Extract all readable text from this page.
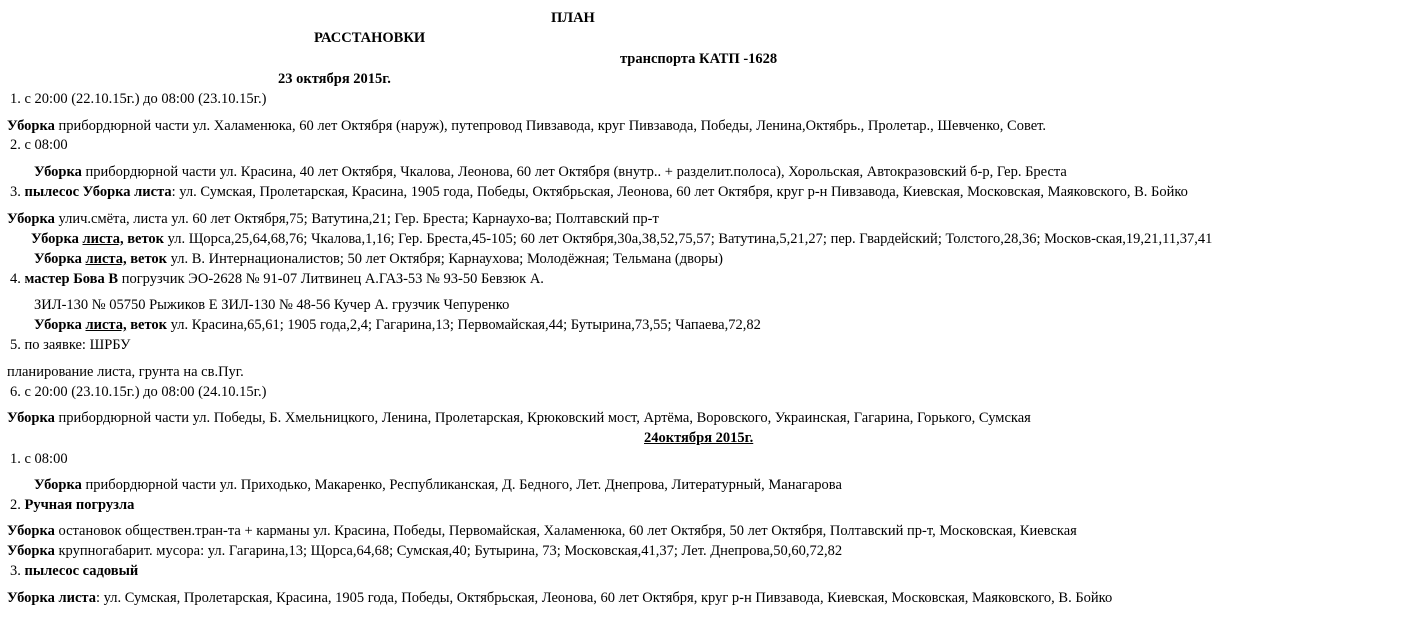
ПЛАН
РАССТАНОВКИ
транспорта КАТП -1628
23 октября 2015г.
1. с 20:00 (22.10.15г.) до 08:00 (23.10.15г.)
Уборка прибордюрной части ул. Халаменюка, 60 лет Октября (наруж), путепровод Пивзавода, круг Пивзавода, Победы, Ленина,Октябрь., Пролетар., Шевченко, Совет.
2. с 08:00
Уборка прибордюрной части ул. Красина, 40 лет Октября, Чкалова, Леонова, 60 лет Октября (внутр.. + разделит.полоса), Хорольская, Автокразовский б-р, Гер. Бреста
3. пылесос Уборка листа: ул. Сумская, Пролетарская, Красина, 1905 года, Победы, Октябрьская, Леонова, 60 лет Октября, круг р-н Пивзавода, Киевская, Московская, Маяковского, В. Бойко
Уборка улич.смёта, листа ул. 60 лет Октября,75; Ватутина,21; Гер. Бреста; Карнаухо-ва; Полтавский пр-т
Уборка листа, веток ул. Щорса,25,64,68,76; Чкалова,1,16; Гер. Бреста,45-105; 60 лет Октября,30а,38,52,75,57; Ватутина,5,21,27; пер. Гвардейский; Толстого,28,36; Москов-ская,19,21,11,37,41
Уборка листа, веток ул. В. Интернационалистов; 50 лет Октября; Карнаухова; Молодёжная; Тельмана (дворы)
4. мастер Бова В погрузчик ЭО-2628 № 91-07 Литвинец А.ГАЗ-53 № 93-50 Бевзюк А.
ЗИЛ-130 № 05750 Рыжиков Е ЗИЛ-130 № 48-56 Кучер А. грузчик Чепуренко
Уборка листа, веток ул. Красина,65,61; 1905 года,2,4; Гагарина,13; Первомайская,44; Бутырина,73,55; Чапаева,72,82
5. по заявке: ШРБУ
планирование листа, грунта на св.Пуг.
6. с 20:00 (23.10.15г.) до 08:00 (24.10.15г.)
Уборка прибордюрной части ул. Победы, Б. Хмельницкого, Ленина, Пролетарская, Крюковский мост, Артёма, Воровского, Украинская, Гагарина, Горького, Сумская
24октября 2015г.
1. с 08:00
Уборка прибордюрной части ул. Приходько, Макаренко, Республиканская, Д. Бедного, Лет. Днепрова, Литературный, Манагарова
2. Ручная погрузла
Уборка остановок обществен.тран-та + карманы ул. Красина, Победы, Первомайская, Халаменюка, 60 лет Октября, 50 лет Октября, Полтавский пр-т, Московская, Киевская
Уборка крупногабарит. мусора: ул. Гагарина,13; Щорса,64,68; Сумская,40; Бутырина, 73; Московская,41,37; Лет. Днепрова,50,60,72,82
3. пылесос садовый
Уборка листа: ул. Сумская, Пролетарская, Красина, 1905 года, Победы, Октябрьская, Леонова, 60 лет Октября, круг р-н Пивзавода, Киевская, Московская, Маяковского, В. Бойко
